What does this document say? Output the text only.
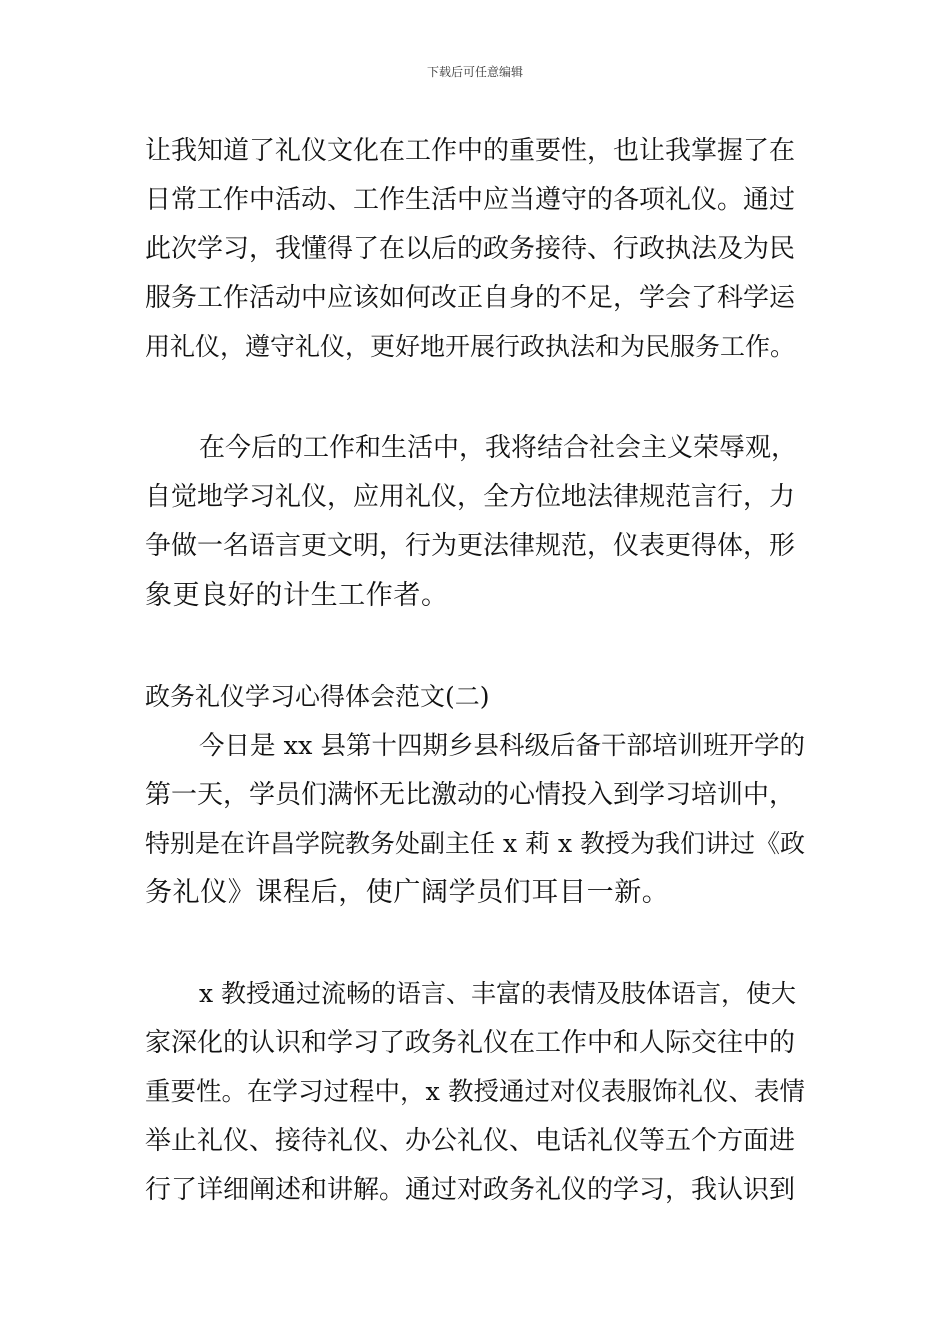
下载后可任意编辑
让我知道了礼仪文化在工作中的重要性，也让我掌握了在
日常工作中活动、工作生活中应当遵守的各项礼仪。通过
此次学习，我懂得了在以后的政务接待、行政执法及为民
服务工作活动中应该如何改正自身的不足，学会了科学运
用礼仪，遵守礼仪，更好地开展行政执法和为民服务工作。
在今后的工作和生活中，我将结合社会主义荣辱观，
自觉地学习礼仪，应用礼仪，全方位地法律规范言行，力
争做一名语言更文明，行为更法律规范，仪表更得体，形
象更良好的计生工作者。
政务礼仪学习心得体会范文(二)
今日是 xx 县第十四期乡县科级后备干部培训班开学的
第一天，学员们满怀无比激动的心情投入到学习培训中，
特别是在许昌学院教务处副主任 x 莉 x 教授为我们讲过《政
务礼仪》课程后，使广阔学员们耳目一新。
x 教授通过流畅的语言、丰富的表情及肢体语言，使大
家深化的认识和学习了政务礼仪在工作中和人际交往中的
重要性。在学习过程中，x 教授通过对仪表服饰礼仪、表情
举止礼仪、接待礼仪、办公礼仪、电话礼仪等五个方面进
行了详细阐述和讲解。通过对政务礼仪的学习，我认识到
